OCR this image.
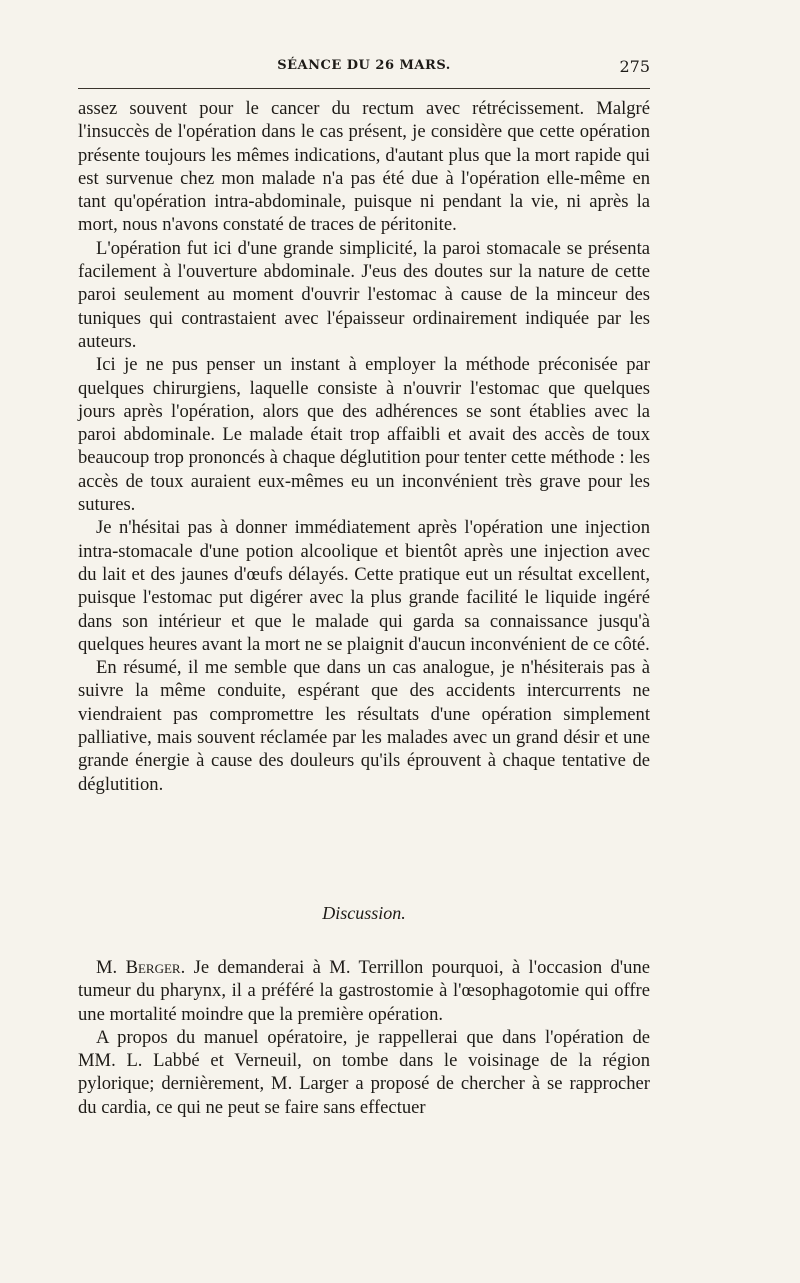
SÉANCE DU 26 MARS.	275

assez souvent pour le cancer du rectum avec rétrécissement. Malgré l'insuccès de l'opération dans le cas présent, je considère que cette opération présente toujours les mêmes indications, d'autant plus que la mort rapide qui est survenue chez mon malade n'a pas été due à l'opération elle-même en tant qu'opération intra-abdominale, puisque ni pendant la vie, ni après la mort, nous n'avons constaté de traces de péritonite.

L'opération fut ici d'une grande simplicité, la paroi stomacale se présenta facilement à l'ouverture abdominale. J'eus des doutes sur la nature de cette paroi seulement au moment d'ouvrir l'estomac à cause de la minceur des tuniques qui contrastaient avec l'épaisseur ordinairement indiquée par les auteurs.

Ici je ne pus penser un instant à employer la méthode préconisée par quelques chirurgiens, laquelle consiste à n'ouvrir l'estomac que quelques jours après l'opération, alors que des adhérences se sont établies avec la paroi abdominale. Le malade était trop affaibli et avait des accès de toux beaucoup trop prononcés à chaque déglutition pour tenter cette méthode : les accès de toux auraient eux-mêmes eu un inconvénient très grave pour les sutures.

Je n'hésitai pas à donner immédiatement après l'opération une injection intra-stomacale d'une potion alcoolique et bientôt après une injection avec du lait et des jaunes d'œufs délayés. Cette pratique eut un résultat excellent, puisque l'estomac put digérer avec la plus grande facilité le liquide ingéré dans son intérieur et que le malade qui garda sa connaissance jusqu'à quelques heures avant la mort ne se plaignit d'aucun inconvénient de ce côté.

En résumé, il me semble que dans un cas analogue, je n'hésiterais pas à suivre la même conduite, espérant que des accidents intercurrents ne viendraient pas compromettre les résultats d'une opération simplement palliative, mais souvent réclamée par les malades avec un grand désir et une grande énergie à cause des douleurs qu'ils éprouvent à chaque tentative de déglutition.

Discussion.

M. Berger. Je demanderai à M. Terrillon pourquoi, à l'occasion d'une tumeur du pharynx, il a préféré la gastrostomie à l'œsophagotomie qui offre une mortalité moindre que la première opération.

A propos du manuel opératoire, je rappellerai que dans l'opération de MM. L. Labbé et Verneuil, on tombe dans le voisinage de la région pylorique; dernièrement, M. Larger a proposé de chercher à se rapprocher du cardia, ce qui ne peut se faire sans effectuer
